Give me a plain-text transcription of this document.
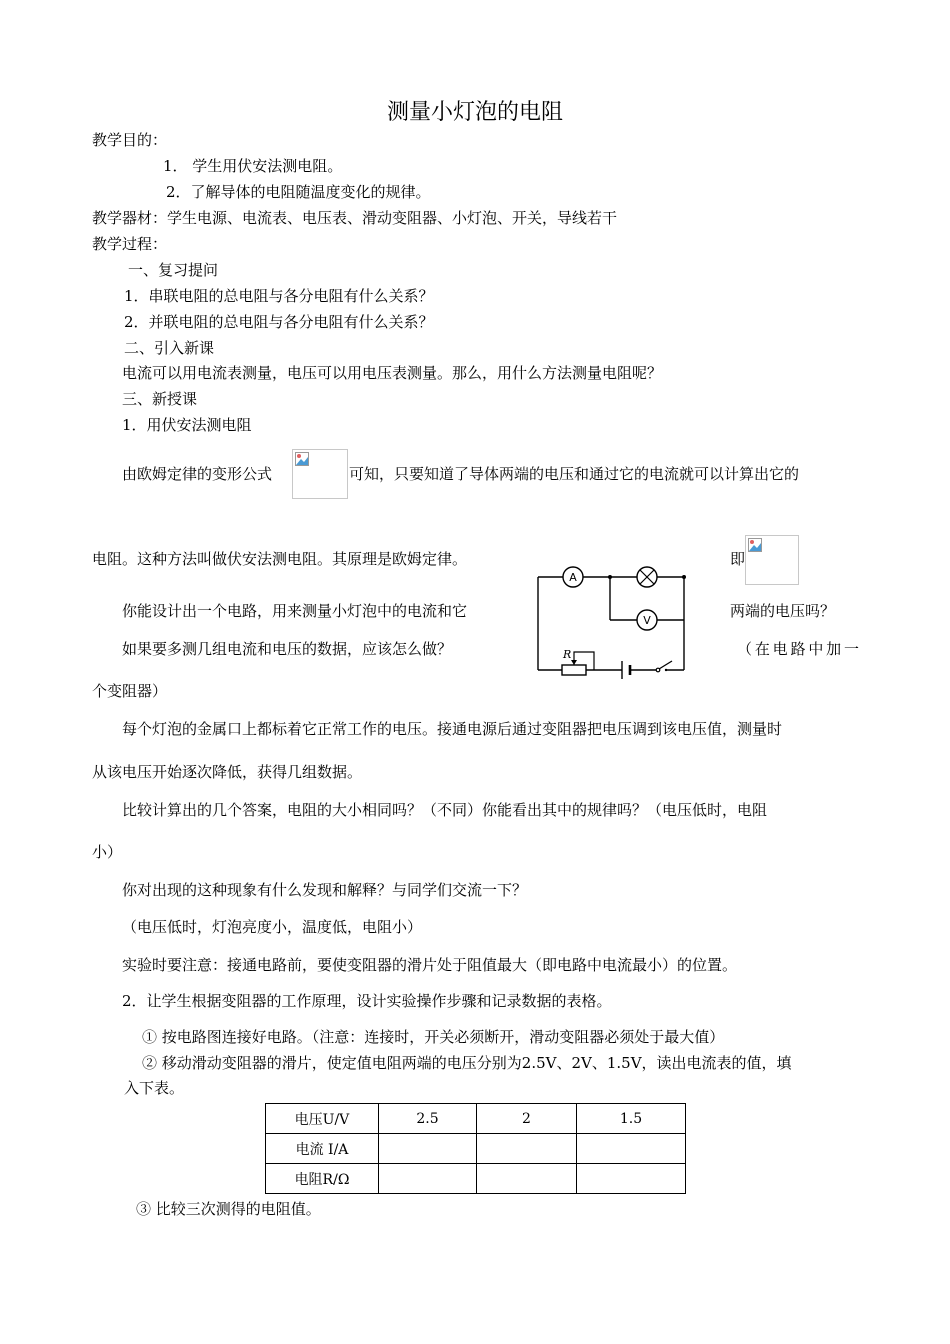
测量小灯泡的电阻
教学目的：
1． 学生用伏安法测电阻。
2．了解导体的电阻随温度变化的规律。
教学器材：学生电源、电流表、电压表、滑动变阻器、小灯泡、开关，导线若干
教学过程：
一、复习提问
1．串联电阻的总电阻与各分电阻有什么关系？
2．并联电阻的总电阻与各分电阻有什么关系？
二、引入新课
电流可以用电流表测量，电压可以用电压表测量。那么，用什么方法测量电阻呢？
三、新授课
1．用伏安法测电阻
由欧姆定律的变形公式	可知，只要知道了导体两端的电压和通过它的电流就可以计算出它的
电阻。这种方法叫做伏安法测电阻。其原理是欧姆定律。	即
你能设计出一个电路，用来测量小灯泡中的电流和它	两端的电压吗？
如果要多测几组电流和电压的数据，应该怎么做？	（在电路中加一
个变阻器）
A
V
R
每个灯泡的金属口上都标着它正常工作的电压。接通电源后通过变阻器把电压调到该电压值，测量时
从该电压开始逐次降低，获得几组数据。
比较计算出的几个答案，电阻的大小相同吗？（不同）你能看出其中的规律吗？（电压低时，电阻
小）
你对出现的这种现象有什么发现和解释？与同学们交流一下？
（电压低时，灯泡亮度小，温度低，电阻小）
实验时要注意：接通电路前，要使变阻器的滑片处于阻值最大（即电路中电流最小）的位置。
2．让学生根据变阻器的工作原理，设计实验操作步骤和记录数据的表格。
① 按电路图连接好电路。（注意：连接时，开关必须断开，滑动变阻器必须处于最大值）
② 移动滑动变阻器的滑片，使定值电阻两端的电压分别为2.5V、2V、1.5V，读出电流表的值，填
入下表。
电压U/V	2.5	2	1.5
电流 I/A			
电阻R/Ω			
③ 比较三次测得的电阻值。
